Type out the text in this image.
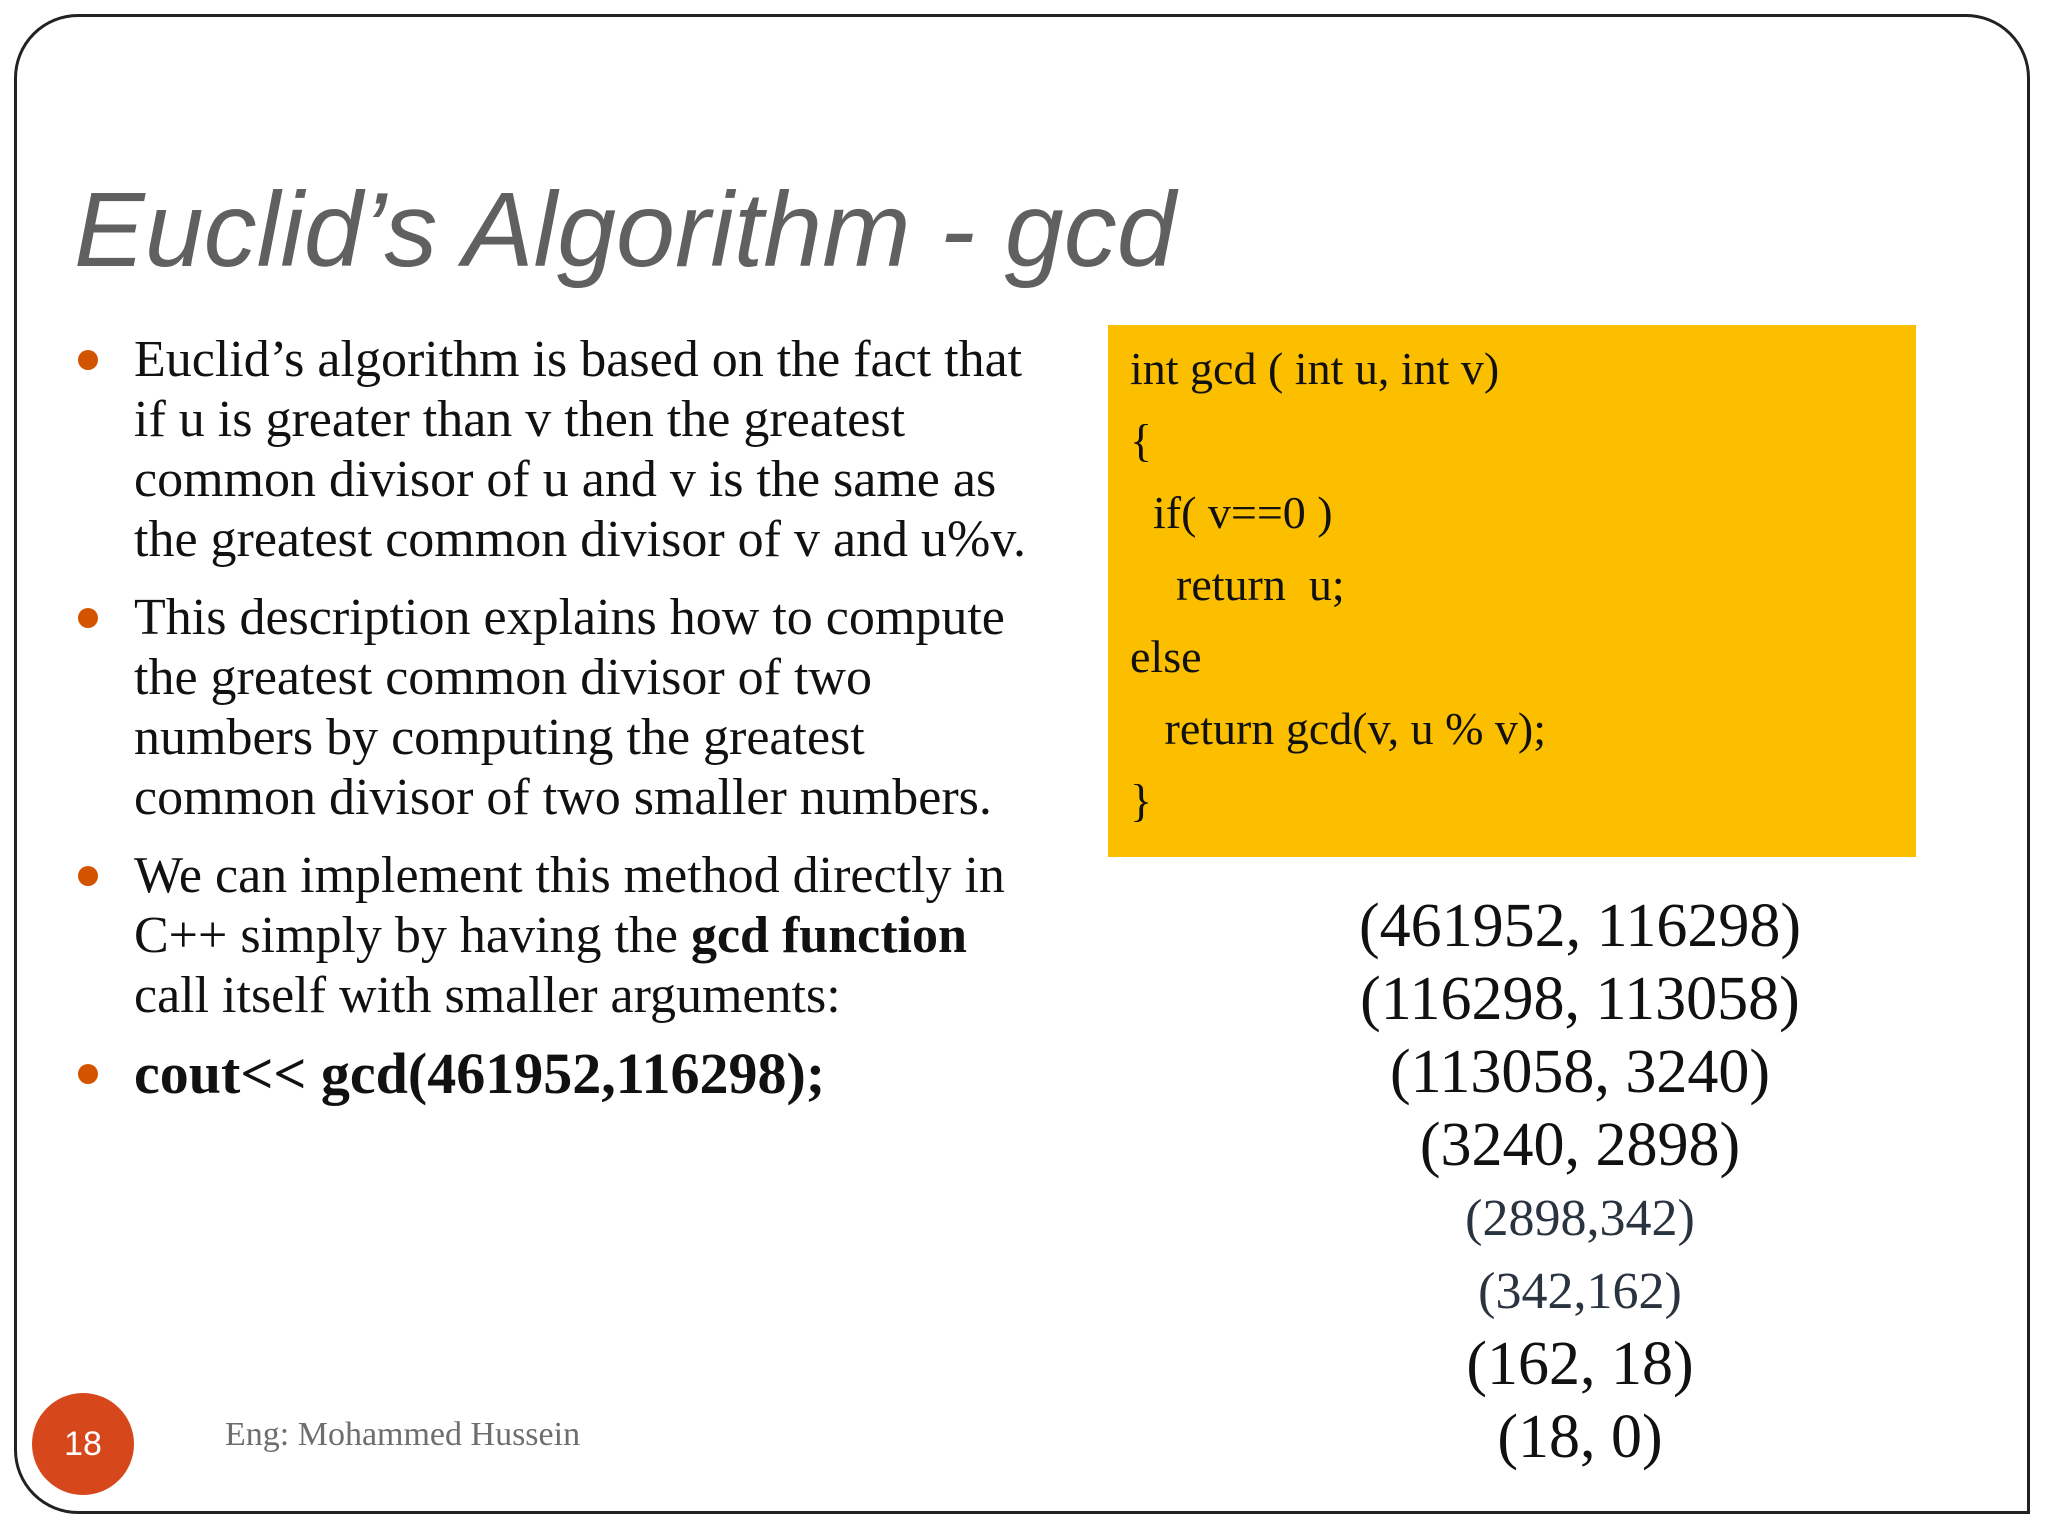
Euclid’s Algorithm - gcd
Euclid’s algorithm is based on the fact that if u is greater than v then the greatest common divisor of u and v is the same as the greatest common divisor of v and u%v.
This description explains how to compute the greatest common divisor of two numbers by computing the greatest common divisor of two smaller numbers.
We can implement this method directly in C++ simply by having the gcd function call itself with smaller arguments:
cout<< gcd(461952,116298);
int gcd ( int u, int v)
{
if( v==0 )
return  u;
else
return gcd(v, u % v);
}
(461952, 116298)
(116298, 113058)
(113058, 3240)
(3240, 2898)
(2898,342)
(342,162)
(162, 18)
(18, 0)
18	Eng: Mohammed Hussein
